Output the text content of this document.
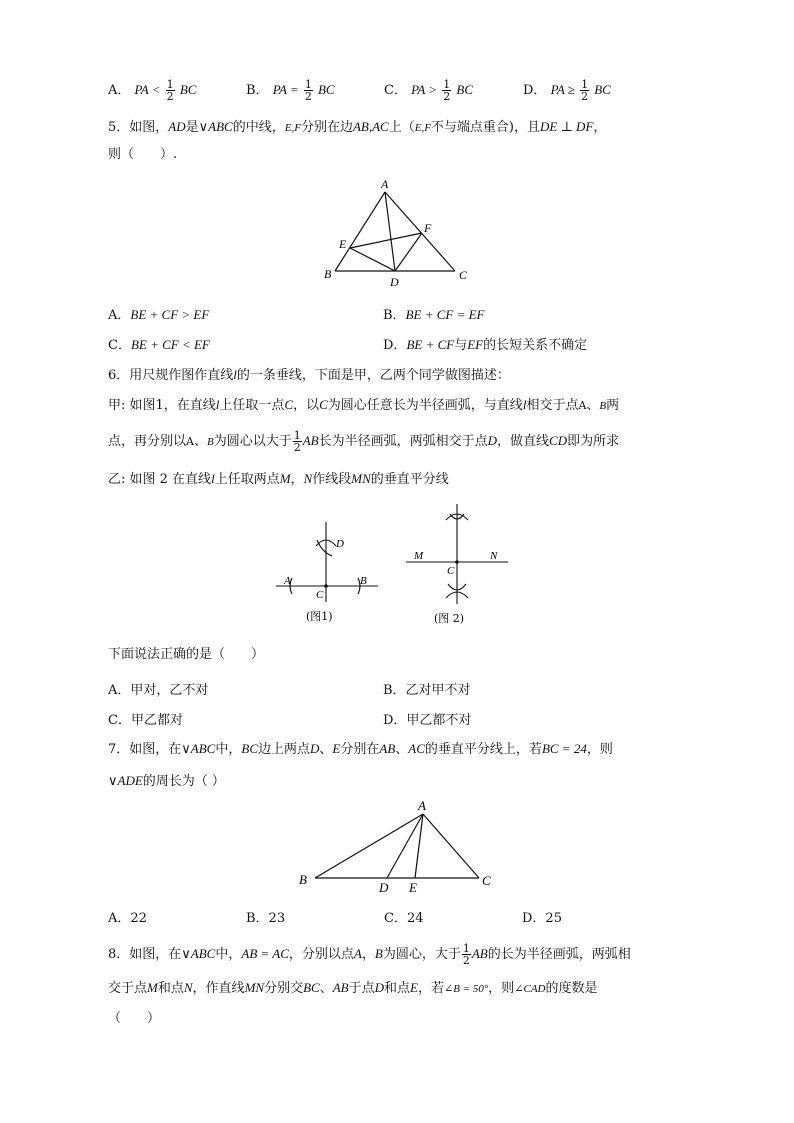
A． PA < $\frac{1}{2}$ BC	B． PA = $\frac{1}{2}$ BC	C． PA > $\frac{1}{2}$ BC	D． PA ≥ $\frac{1}{2}$ BC
5．如图，AD是∨ABC的中线，E,F分别在边AB,AC上（E,F不与端点重合)，且DE ⊥ DF，
则（　　）.
A
B	C
D
E
F
A．BE + CF > EF	B．BE + CF = EF
C．BE + CF < EF	D．BE + CF与EF的长短关系不确定
6．用尺规作图作直线l的一条垂线，下面是甲，乙两个同学做图描述：
甲: 如图1，在直线l上任取一点C，以C为圆心任意长为半径画弧，与直线l相交于点A、B两
点，再分别以A、B为圆心以大于 $\frac{1}{2}$ AB长为半径画弧，两弧相交于点D，做直线CD即为所求
乙: 如图 2 在直线l上任取两点M，N作线段MN的垂直平分线
A	B
C
D
(图1)
M	N
C
(图 2)
下面说法正确的是（　　）
A．甲对，乙不对	B．乙对甲不对
C．甲乙都对	D．甲乙都不对
7．如图，在∨ABC中，BC边上两点D、E分别在AB、AC的垂直平分线上，若BC = 24，则
∨ADE的周长为（ ）
A
B	C
D E
A．22	B．23	C．24	D．25
8．如图，在∨ABC中，AB = AC，分别以点A，B为圆心，大于 $\frac{1}{2}$ AB的长为半径画弧，两弧相
交于点M和点N，作直线MN分别交BC、AB于点D和点E，若∠B = 50°，则∠CAD的度数是
（　　）
